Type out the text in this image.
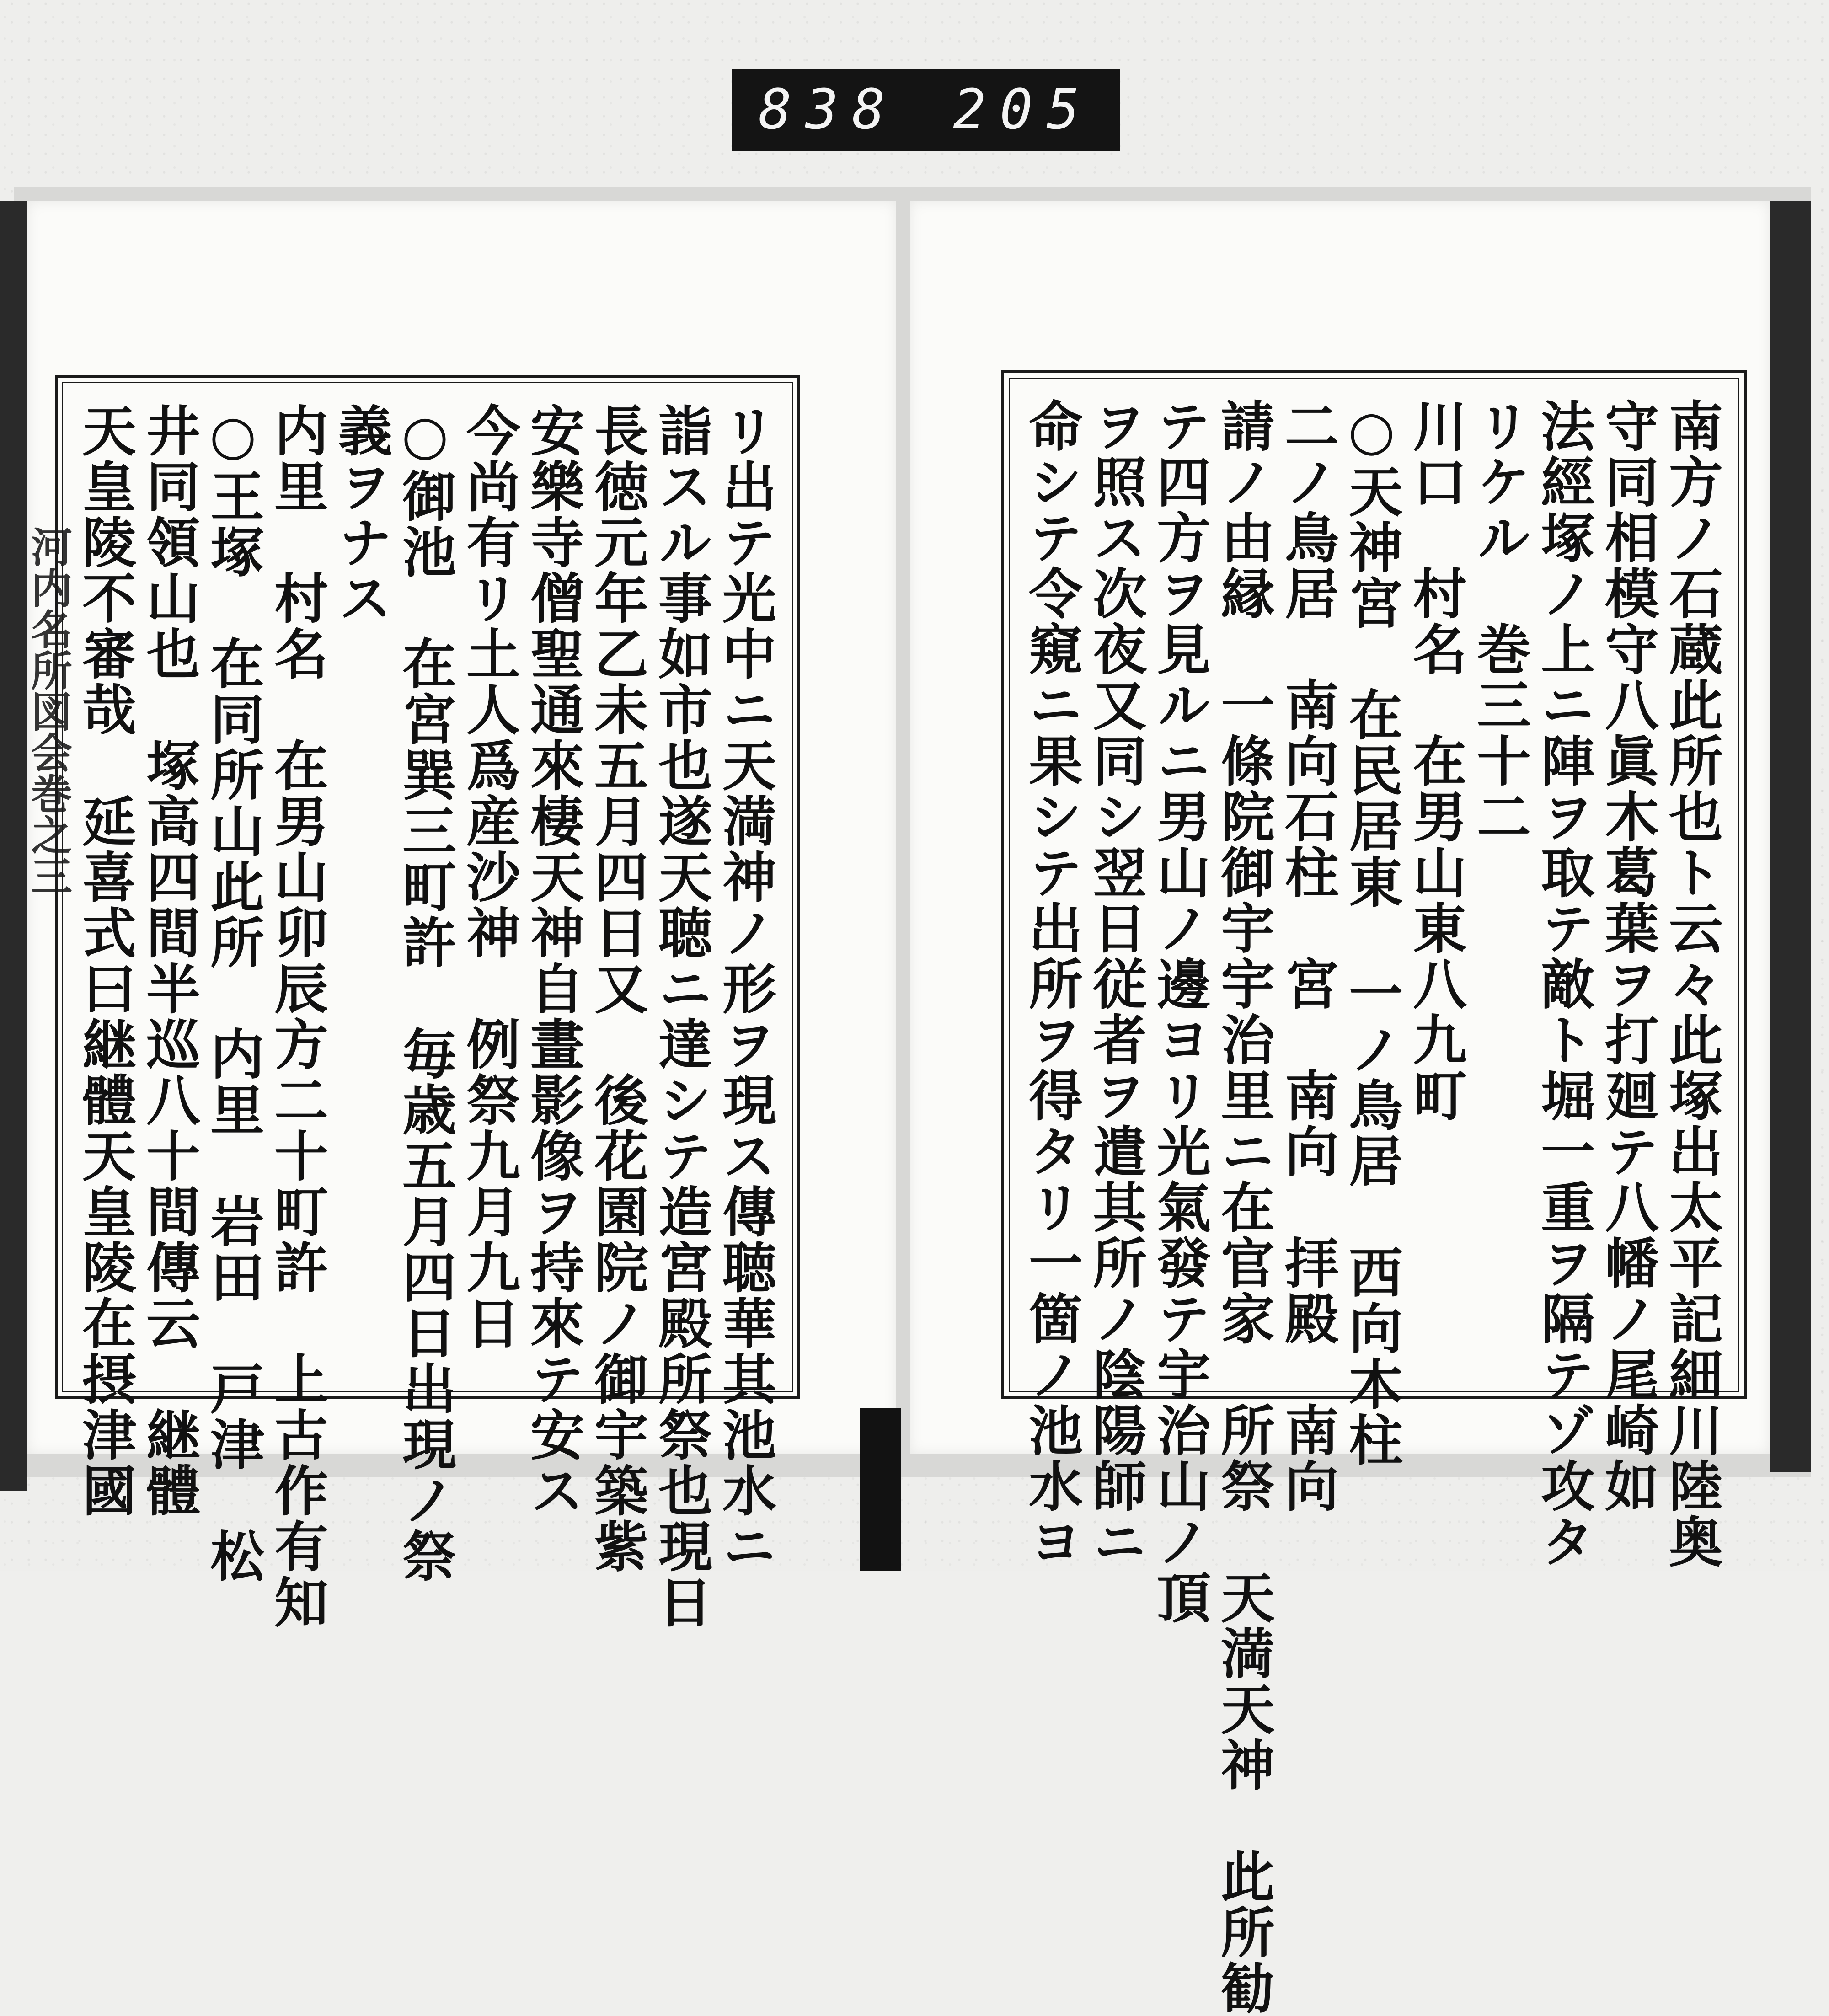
838 205
河内名所図会巻之三	リ出テ光中ニ天満神ノ形ヲ現ス傳聴華其池水ニ
詣スル事如市也遂天聴ニ達シテ造宮殿所祭也現日
長徳元年乙未五月四日又　後花園院ノ御宇築紫
安樂寺僧聖通來棲天神自畫影像ヲ持來テ安ス
今尚有リ土人爲産沙神　例祭九月九日
○御池　在宮巽三町許　毎歳五月四日出現ノ祭
義ヲナス
内里　村名　在男山卯辰方二十町許　上古作有知
○王塚　在同所山此所　内里　岩田　戸津　松
井同領山也　塚高四間半巡八十間傳云　継體
天皇陵不審哉　延喜式曰継體天皇陵在摂津國	南方ノ石蔵此所也ト云々此塚出太平記細川陸奥
守同相模守八眞木葛葉ヲ打廻テ八幡ノ尾崎如
法經塚ノ上ニ陣ヲ取テ敵ト堀一重ヲ隔テゾ攻タ
リケル　巻三十二
川口　村名　在男山東八九町
○天神宮　在民居東　一ノ鳥居　西向木柱
二ノ鳥居　南向石柱　宮　南向　拝殿　南向
請ノ由縁　一條院御宇宇治里ニ在官家　所祭　天満天神　此所勧
テ四方ヲ見ルニ男山ノ邊ヨリ光氣發テ宇治山ノ頂
ヲ照ス次夜又同シ翌日従者ヲ遣其所ノ陰陽師ニ
命シテ令窺ニ果シテ出所ヲ得タリ一箇ノ池水ヨ
